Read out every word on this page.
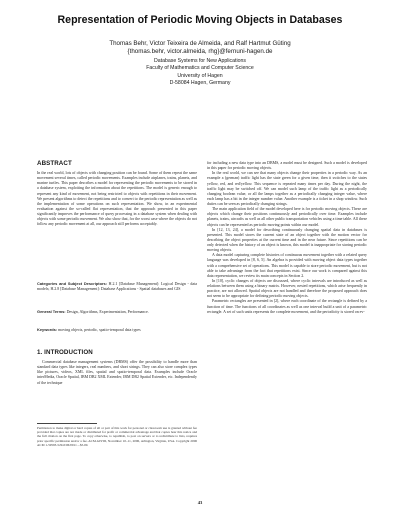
Representation of Periodic Moving Objects in Databases
Thomas Behr, Victor Teixeira de Almeida, and Ralf Hartmut Güting
{thomas.behr, victor.almeida, rhg}@fernuni-hagen.de
Database Systems for New Applications
Faculty of Mathematics and Computer Science
University of Hagen
D-58084 Hagen, Germany
ABSTRACT

In the real world, lots of objects with changing position can be found. Some of them repeat the same movement several times, called periodic movements. Examples include airplanes, trains, planets, and marine turtles. This paper describes a model for representing the periodic movements to be stored in a database system, exploiting the information about the repetitions. The model is generic enough to represent any kind of movement, not being restricted to objects with repetitions in their movement. We present algorithms to detect the repetitions and to convert to the periodic representation as well as the implementation of some operations on such representation. We show, in an experimental evaluation against the so-called flat representation, that the approach presented in this paper significantly improves the performance of query processing in a database system when dealing with objects with some periodic movement. We also show that, for the worst case where the objects do not follow any periodic movement at all, our approach still performs acceptably.

Categories and Subject Descriptors: H.2.1 [Database Management]: Logical Design - data models; H.2.8 [Database Management]: Database Applications - Spatial databases and GIS

General Terms: Design, Algorithms, Experimentation, Performance.

Keywords: moving objects, periodic, spatio-temporal data types

1. INTRODUCTION

Commercial database management systems (DBMS) offer the possibility to handle more than standard data types like integers, real numbers, and short strings. They can also store complex types like pictures, videos, XML files, spatial and spatio-temporal data. Examples include Oracle interMedia, Oracle Spatial, IBM DB2 XML Extender, IBM DB2 Spatial Extender, etc. Independently of the technique

Permission to make digital or hard copies of all or part of this work for personal or classroom use is granted without fee provided that copies are not made or distributed for profit or commercial advantage and that copies bear this notice and the full citation on the first page. To copy otherwise, to republish, to post on servers or to redistribute to lists, requires prior specific permission and/or a fee. ACM-GIS'06, November 10–11, 2006, Arlington, Virginia, USA. Copyright 2006 ACM 1-59593-529-0/06/0011 ...$5.00.

for including a new data type into an DBMS, a model must be designed. Such a model is developed in this paper for periodic moving objects.

In the real world, we can see that many objects change their properties in a periodic way. As an example a (german) traffic light has the state green for a given time, then it switches to the states yellow, red, and red/yellow. This sequence is repeated many times per day. During the night, the traffic light may be switched off. We can model such lamp of the traffic light as a periodically changing boolean value, or all the lamps together as a periodically changing integer value, where each lamp has a bit in the integer number value. Another example is a ticket in a shop window. Such duties can be seen as periodically changing strings.

The main application field of the model developed here is for periodic moving objects. These are objects which change their positions continuously and periodically over time. Examples include planets, trains, aircrafts as well as all other public transportation vehicles using a time table. All these objects can be represented as periodic moving points within our model.

In [12, 13, 24], a model for describing continuously changing spatial data in databases is presented. This model stores the current state of an object together with the motion vector for describing the object properties at the current time and in the near future. Since repetitions can be only detected when the history of an object is known, this model is inappropriate for storing periodic moving objects.

A data model capturing complete histories of continuous movement together with a related query language was developed in [8, 6, 5]. An algebra is provided with moving object data types together with a comprehensive set of operations. This model is capable to store periodic movement, but is not able to take advantage from the fact that repetitions exist. Since our work is compared against this data representation, we review its main concepts in Section 2.

In [10], cyclic changes of objects are discussed, where cyclic intervals are introduced as well as relations between them using a binary matrix. However, nested repetitions, which arise frequently in practice, are not allowed. Spatial objects are not handled and therefore the proposed approach does not seem to be appropriate for defining periodic moving objects.

Parametric rectangles are presented in [2], where each coordinate of the rectangle is defined by a function of time. The functions of all coordinates as well as one interval build a unit of a parametric rectangle. A set of such units represents the complete movement, and the periodicity is stored on ev-

43
